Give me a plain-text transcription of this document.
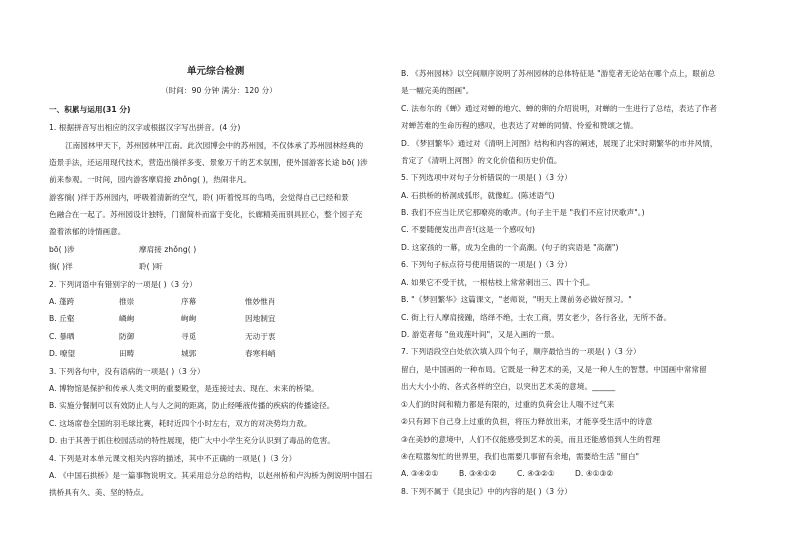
单元综合检测
（时间：90 分钟 满分：120 分）
一、积累与运用(31 分)
1. 根据拼音写出相应的汉字或根据汉字写出拼音。(4 分)
江南园林甲天下，苏州园林甲江南。此次园博会中的苏州园，不仅体承了苏州园林经典的
造景手法，还运用现代技术，营造出徜徉多变、景象万千的艺术氛围，使外国游客长途 bō( )涉
前来参观。一时间，园内游客摩肩接 zhǒng( )，热闹非凡。
游客徜( )徉于苏州园内，呼吸着清新的空气，聆( )听着悦耳的鸟鸣，会觉得自己已经和景
色融合在一起了。苏州园设计独特，门窗简朴而富于变化，长廊精美而别具匠心，整个园子充
盈着浓郁的诗情画意。
bō( )涉	摩肩接 zhǒng( )
徜( )徉	聆( )听
2. 下列词语中有错别字的一项是( )（3 分）
A. 蓬跨	推崇	序幕	惟妙惟肖
B. 丘壑	嶙峋	峋峋	因地制宜
C. 暴晒	防御	寻觅	无动于衷
D. 嘹望	田畴	城郭	春寒料峭
3. 下列各句中，没有语病的一项是( )（3 分）
A. 博物馆是保护和传承人类文明的重要殿堂，是连接过去、现在、未来的桥梁。
B. 实施分餐制可以有效防止人与人之间的距离，防止经唾液传播的疾病的传播途径。
C. 这场席卷全国的羽毛球比赛，耗时近四个小时左右，双方的对决势均力敌。
D. 由于其善于抓住校园活动的特性展现，使广大中小学生充分认识到了毒品的危害。
4. 下列是对本单元课文相关内容的描述，其中不正确的一项是( )（3 分）
A. 《中国石拱桥》是一篇事物说明文。其采用总分总的结构，以赵州桥和卢沟桥为例说明中国石
拱桥具有久、美、坚的特点。
B. 《苏州园林》以空间顺序说明了苏州园林的总体特征是 "游览者无论站在哪个点上，眼前总
是一幅完美的图画"。
C. 法布尔的《蝉》通过对蝉的地穴、蝉的卵的介绍说明，对蝉的一生进行了总结，表达了作者
对蝉苦难的生命历程的感叹，也表达了对蝉的同情、怜爱和赞颂之情。
D. 《梦回繁华》通过对《清明上河图》结构和内容的阐述，展现了北宋时期繁华的市井风情，
肯定了《清明上河图》的文化价值和历史价值。
5. 下列选项中对句子分析错误的一项是( )（3 分）
A. 石拱桥的桥洞成弧形，就像虹。(陈述语气)
B. 我们不应当让厌它那嘹亮的歌声。(句子主干是 "我们不应讨厌歌声"。)
C. 不要随便发出声音!(这是一个感叹句)
D. 这家孩的一幕，成为全曲的一个高潮。(句子的宾语是 "高潮")
6. 下列句子标点符号使用错误的一项是( )（3 分）
A. 如果它不受干扰，一根枯枝上常常刺出三、四十个孔。
B. "《梦回繁华》这篇课文，"老师说，"明天上课前务必做好预习。"
C. 街上行人摩肩接踵，络绎不绝，士农工商，男女老少，各行各业，无所不备。
D. 游览者每 "鱼戏莲叶间"，又是入画的一景。
7. 下列语段空白处依次填入四个句子，顺序最恰当的一项是( )（3 分）
留白，是中国画的一种布局。它既是一种艺术的美，又是一种人生的智慧。中国画中常常留
出大大小小的、各式各样的空白，以突出艺术美的意境。______
①人们的时间和精力都是有限的，过重的负荷会让人喘不过气来
②只有卸下自己身上过重的负担，将压力释放出来，才能享受生活中的诗意
③在美妙的意境中，人们不仅能感受到艺术的美，而且还能感悟到人生的哲理
④在喧嚣匆忙的世界里，我们也需要几事留有余地，需要给生活 "留白"
A. ③④②①	B. ③④①②	C. ④③②①	D. ④①③②
8. 下列不属于《昆虫记》中的内容的是( )（3 分）
